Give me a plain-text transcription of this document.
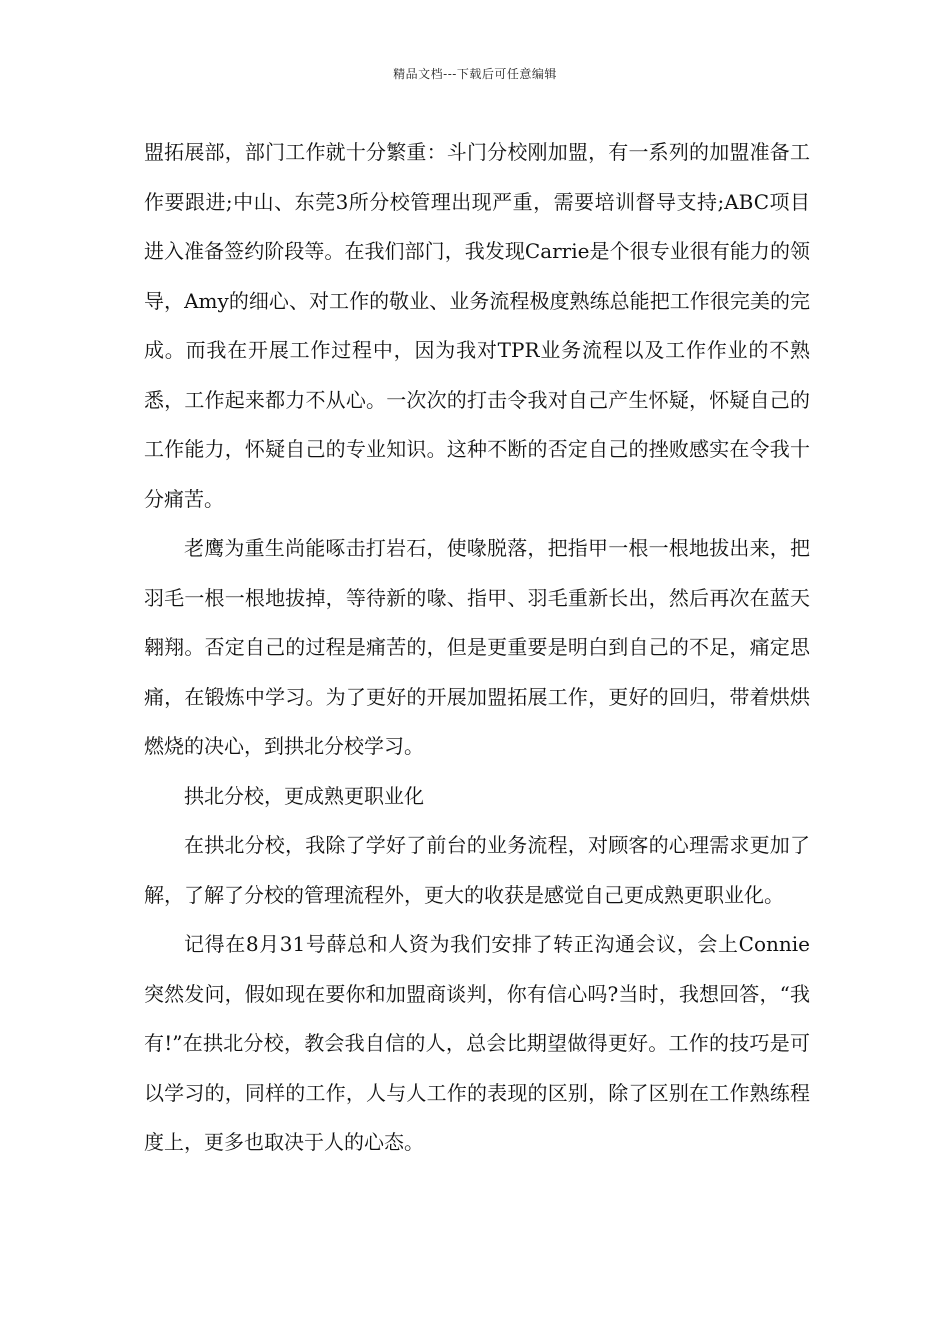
精品文档---下载后可任意编辑

盟拓展部，部门工作就十分繁重：斗门分校刚加盟，有一系列的加盟准备工作要跟进;中山、东莞3所分校管理出现严重，需要培训督导支持;ABC项目进入准备签约阶段等。在我们部门，我发现Carrie是个很专业很有能力的领导，Amy的细心、对工作的敬业、业务流程极度熟练总能把工作很完美的完成。而我在开展工作过程中，因为我对TPR业务流程以及工作作业的不熟悉，工作起来都力不从心。一次次的打击令我对自己产生怀疑，怀疑自己的工作能力，怀疑自己的专业知识。这种不断的否定自己的挫败感实在令我十分痛苦。

老鹰为重生尚能啄击打岩石，使喙脱落，把指甲一根一根地拔出来，把羽毛一根一根地拔掉，等待新的喙、指甲、羽毛重新长出，然后再次在蓝天翱翔。否定自己的过程是痛苦的，但是更重要是明白到自己的不足，痛定思痛，在锻炼中学习。为了更好的开展加盟拓展工作，更好的回归，带着烘烘燃烧的决心，到拱北分校学习。

拱北分校，更成熟更职业化

在拱北分校，我除了学好了前台的业务流程，对顾客的心理需求更加了解，了解了分校的管理流程外，更大的收获是感觉自己更成熟更职业化。

记得在8月31号薛总和人资为我们安排了转正沟通会议，会上Connie突然发问，假如现在要你和加盟商谈判，你有信心吗?当时，我想回答，“我有!”在拱北分校，教会我自信的人，总会比期望做得更好。工作的技巧是可以学习的，同样的工作，人与人工作的表现的区别，除了区别在工作熟练程度上，更多也取决于人的心态。
